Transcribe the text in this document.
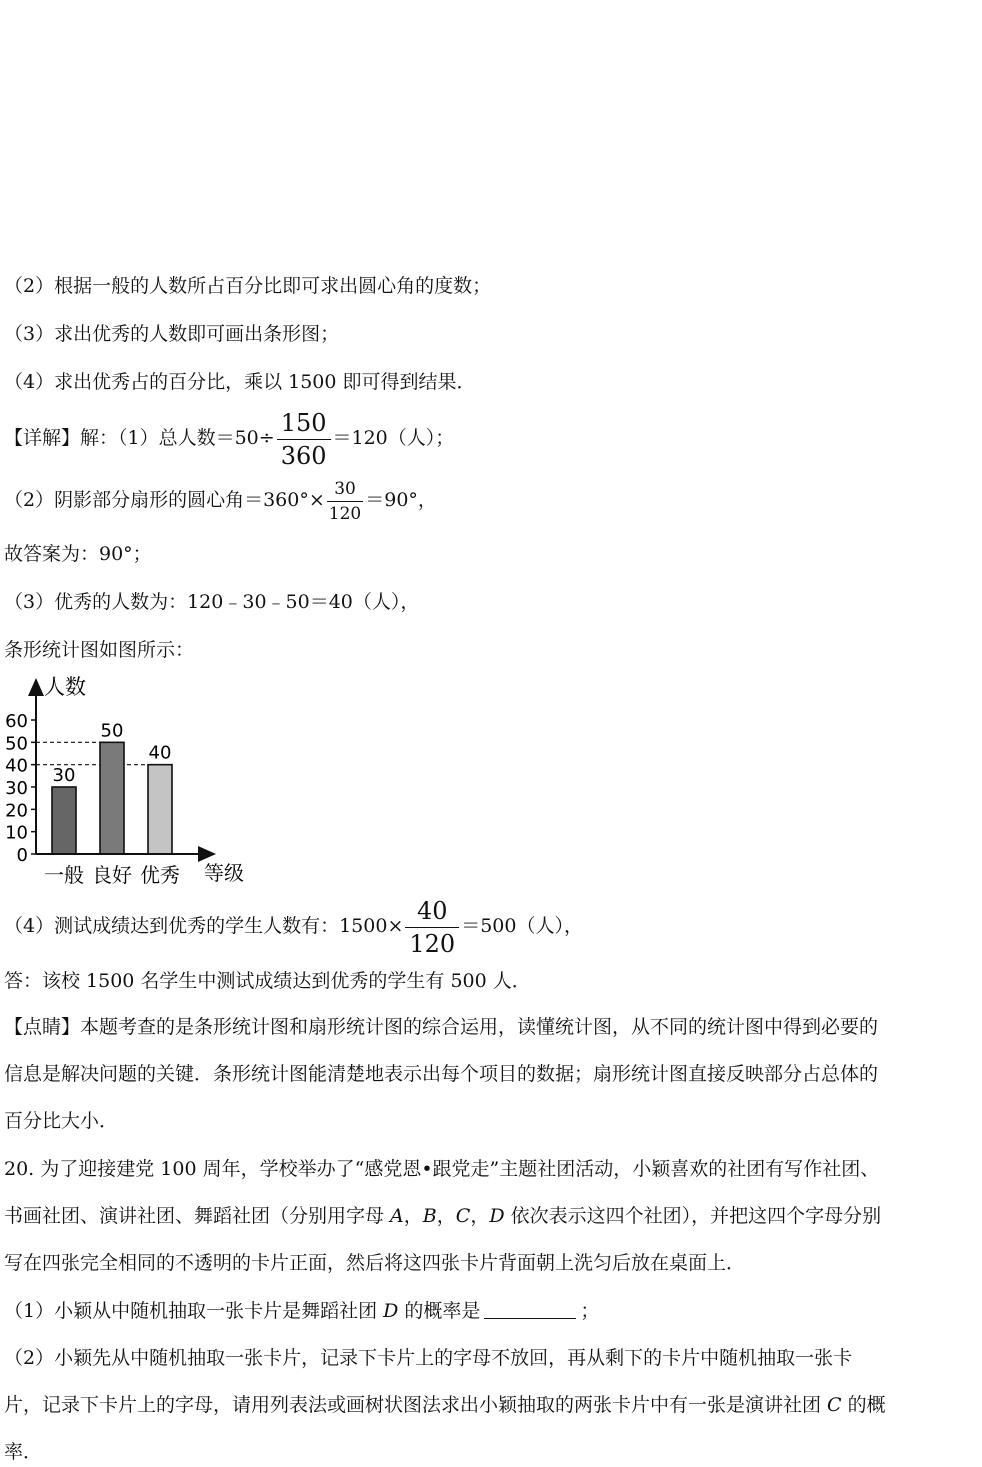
（2）根据一般的人数所占百分比即可求出圆心角的度数；
（3）求出优秀的人数即可画出条形图；
（4）求出优秀占的百分比，乘以 1500 即可得到结果．
【详解】解：（1）总人数$=50\div \frac{150}{360} =120$（人）；
（2）阴影部分扇形的圆心角$=360^\circ\times \frac{30}{120} =90^\circ$，
故答案为：90°；
（3）优秀的人数为：120﹣30﹣50＝40（人），
条形统计图如图所示：
0
10
20
30
40
50
60
人数
等级
一般 良好 优秀
30
50
40
（4）测试成绩达到优秀的学生人数有：$1500\times \frac{40}{120} =500$（人），
答：该校 1500 名学生中测试成绩达到优秀的学生有 500 人．
【点睛】本题考查的是条形统计图和扇形统计图的综合运用，读懂统计图，从不同的统计图中得到必要的
信息是解决问题的关键．条形统计图能清楚地表示出每个项目的数据；扇形统计图直接反映部分占总体的
百分比大小．
20. 为了迎接建党 100 周年，学校举办了“感党恩•跟党走”主题社团活动，小颖喜欢的社团有写作社团、
书画社团、演讲社团、舞蹈社团（分别用字母 A，B，C，D 依次表示这四个社团），并把这四个字母分别
写在四张完全相同的不透明的卡片正面，然后将这四张卡片背面朝上洗匀后放在桌面上．
（1）小颖从中随机抽取一张卡片是舞蹈社团 D 的概率是	；
（2）小颖先从中随机抽取一张卡片，记录下卡片上的字母不放回，再从剩下的卡片中随机抽取一张卡
片，记录下卡片上的字母，请用列表法或画树状图法求出小颖抽取的两张卡片中有一张是演讲社团 C 的概
率．
